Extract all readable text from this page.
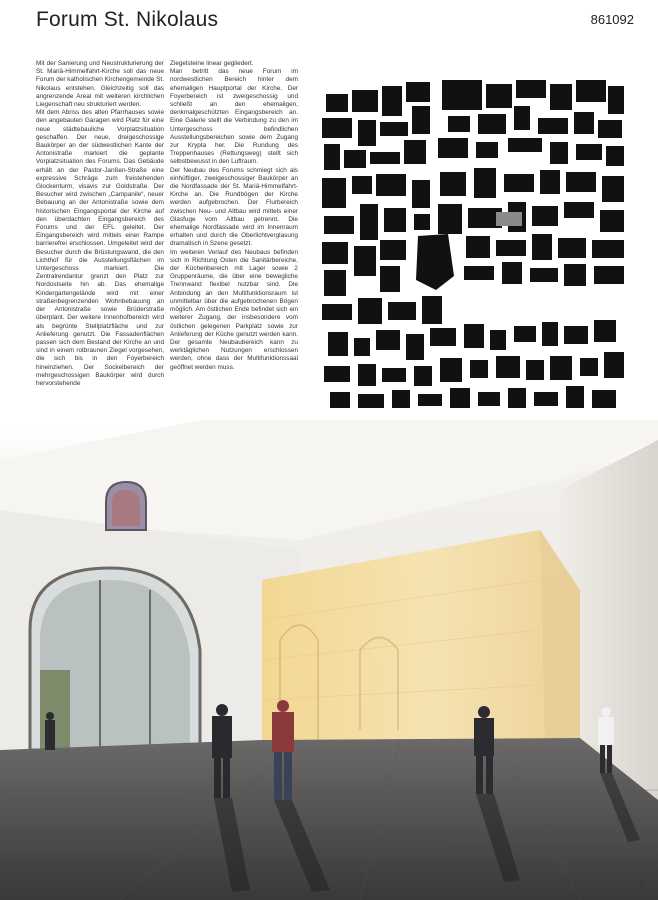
Forum St. Nikolaus	861092

Mit der Sanierung und Neustrukturierung der St. Mariä-Himmelfahrt-Kirche soll das neue Forum der katholischen Kirchengemeinde St. Nikolaus entstehen. Gleichzeitig soll das angrenzende Areal mit weiteren kirchlichen Liegenschaft neu strukturiert werden.

Mit dem Abriss des alten Pfarrhauses sowie den angebauten Garagen wird Platz für eine neue städtebauliche Vorplatzsituation geschaffen. Der neue, dreigeschossige Baukörper an der südwestlichen Kante der Antonistraße markiert die geplante Vorplatzsituation des Forums. Das Gebäude erhält an der Pastor-Janßen-Straße eine expressive Schräge zum freistehenden Glockenturm, visavis zur Goldstraße. Der Besucher wird zwischen „Campanile“, neuer Bebauung an der Antonistraße sowie dem historischen Eingangsportal der Kirche auf den überdachten Eingangsbereich des Forums und der EFL geleitet. Der Eingangsbereich wird mittels einer Rampe barrierefrei erschlossen. Umgeleitet wird der Besucher durch die Brüstungswand, die den Lichthof für die Ausstellungsflächen im Untergeschoss markiert. Die Zentralrendantur grenzt den Platz zur Nordostseite hin ab. Das ehemalige Kindergartengelände wird mit einer straßenbegrenzenden Wohnbebauung an der Antonistraße sowie Brüderstraße überplant. Der weitere Innenhofbereich wird als begrünte Stellplatzfläche und zur Anlieferung genutzt. Die Fassadenflächen passen sich dem Bestand der Kirche an und sind in einem rotbraunen Ziegel vorgesehen, die sich bis in den Foyerbereich hineinziehen. Der Sockelbereich der mehrgeschossigen Baukörper wird durch hervorstehende

Ziegelsteine linear gegliedert.

Man betritt das neue Forum im nordwestlichen Bereich hinter dem ehemaligen Hauptportal der Kirche. Der Foyerbereich ist zweigeschossig und schließt an den ehemaligen, denkmalgeschützten Eingangsbereich an. Eine Galerie stellt die Verbindung zu den im Untergeschoss befindlichen Ausstellungsbereichen sowie dem Zugang zur Krypta her. Die Rundung des Treppenhauses (Rettungsweg) stellt sich selbstbewusst in den Luftraum.

Der Neubau des Forums schmiegt sich als einhüftiger, zweigeschossiger Baukörper an die Nordfassade der St. Mariä-Himmelfahrt-Kirche an. Die Rundbögen der Kirche werden aufgebrochen. Der Flurbereich zwischen Neu- und Altbau wird mittels einer Glasfuge vom Altbau getrennt. Die ehemalige Nordfassade wird im Innenraum erhalten und durch die Oberlichtverglasung dramatisch in Szene gesetzt.

Im weiteren Verlauf des Neubaus befinden sich in Richtung Osten die Sanitärbereiche, der Küchenbereich mit Lager sowie 2 Gruppenräume, die über eine bewegliche Trennwand flexibel nutzbar sind. Die Anbindung an den Multifunktionsraum ist unmittelbar über die aufgebrochenen Bögen möglich. Am östlichen Ende befindet sich ein weiterer Zugang, der insbesondere vom östlichen gelegenen Parkplatz sowie zur Anlieferung der Küche genutzt werden kann. Der gesamte Neubaubereich kann zu werktäglichen Nutzungen erschlossen werden, ohne dass der Multifunktionssaal geöffnet werden muss.

1
